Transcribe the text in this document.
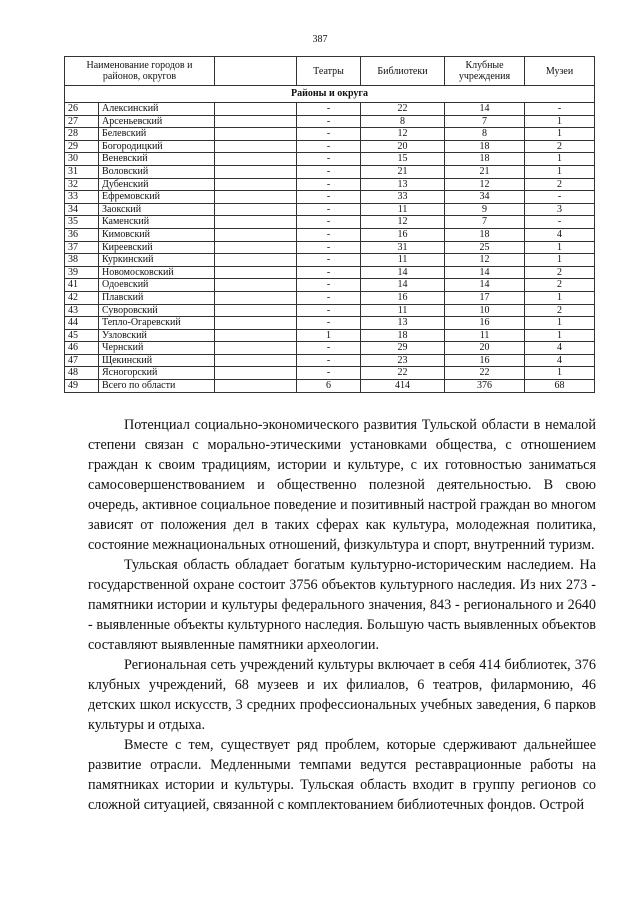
387
Наименование городов и районов, округов			Театры	Библиотеки	Клубные учреждения	Музеи
Районы и округа						
26	Алексинский		-	22	14	-
27	Арсеньевский		-	8	7	1
28	Белевский		-	12	8	1
29	Богородицкий		-	20	18	2
30	Веневский		-	15	18	1
31	Воловский		-	21	21	1
32	Дубенский		-	13	12	2
33	Ефремовский		-	33	34	-
34	Заокский		-	11	9	3
35	Каменский		-	12	7	-
36	Кимовский		-	16	18	4
37	Киреевский		-	31	25	1
38	Куркинский		-	11	12	1
39	Новомосковский		-	14	14	2
41	Одоевский		-	14	14	2
42	Плавский		-	16	17	1
43	Суворовский		-	11	10	2
44	Тепло-Огаревский		-	13	16	1
45	Узловский		1	18	11	1
46	Чернский		-	29	20	4
47	Щекинский		-	23	16	4
48	Ясногорский		-	22	22	1
49	Всего по области		6	414	376	68

Потенциал социально-экономического развития Тульской области в немалой степени связан с морально-этическими установками общества, с отношением граждан к своим традициям, истории и культуре, с их готовностью заниматься самосовершенствованием и общественно полезной деятельностью. В свою очередь, активное социальное поведение и позитивный настрой граждан во многом зависят от положения дел в таких сферах как культура, молодежная политика, состояние межнациональных отношений, физкультура и спорт, внутренний туризм.

Тульская область обладает богатым культурно-историческим наследием. На государственной охране состоит 3756 объектов культурного наследия. Из них 273 - памятники истории и культуры федерального значения, 843 - регионального и 2640 - выявленные объекты культурного наследия. Большую часть выявленных объектов составляют выявленные памятники археологии.

Региональная сеть учреждений культуры включает в себя 414 библиотек, 376 клубных учреждений, 68 музеев и их филиалов, 6 театров, филармонию, 46 детских школ искусств, 3 средних профессиональных учебных заведения, 6 парков культуры и отдыха.

Вместе с тем, существует ряд проблем, которые сдерживают дальнейшее развитие отрасли. Медленными темпами ведутся реставрационные работы на памятниках истории и культуры. Тульская область входит в группу регионов со сложной ситуацией, связанной с комплектованием библиотечных фондов. Острой
